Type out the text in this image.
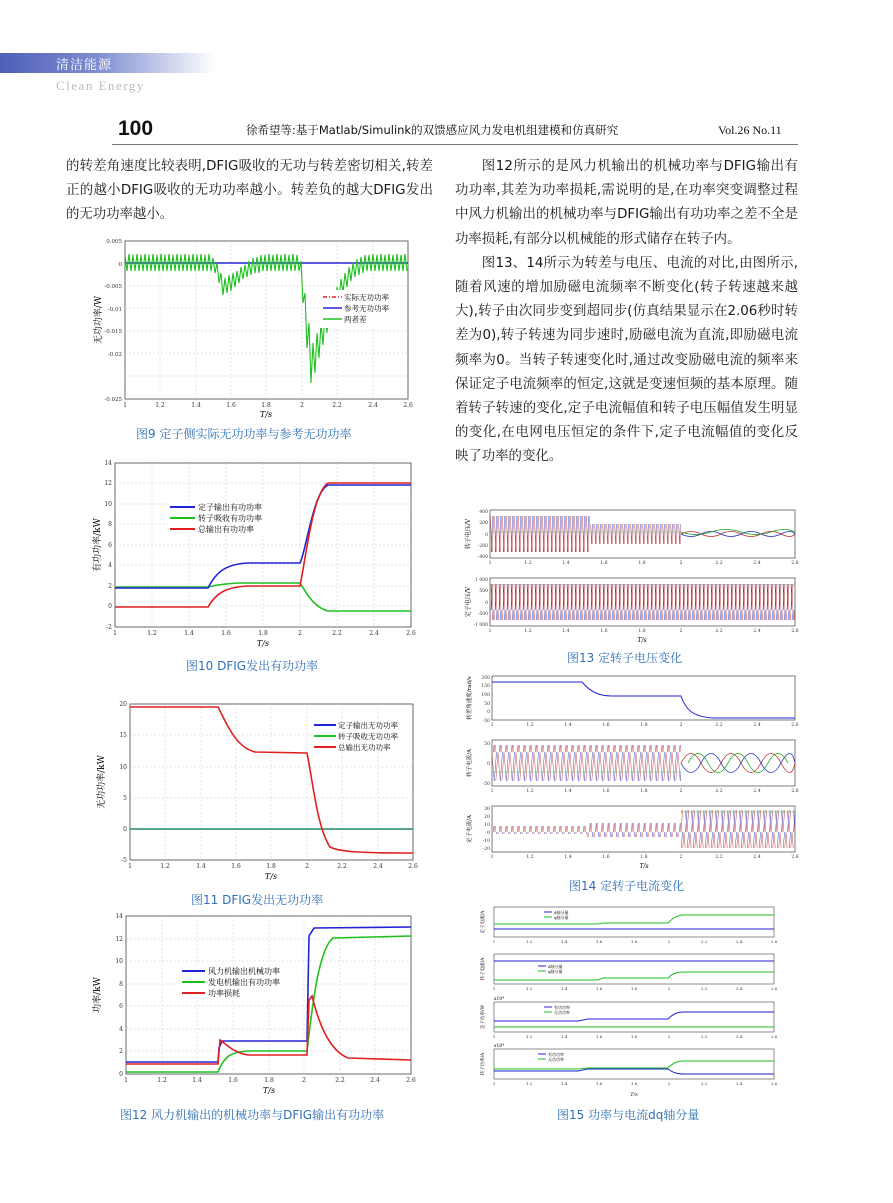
清洁能源
Clean Energy
100	徐希望等:基于Matlab/Simulink的双馈感应风力发电机组建模和仿真研究	Vol.26 No.11

的转差角速度比较表明,DFIG吸收的无功与转差密切相关,转差正的越小DFIG吸收的无功功率越小。转差负的越大DFIG发出的无功功率越小。

图12所示的是风力机输出的机械功率与DFIG输出有功功率,其差为功率损耗,需说明的是,在功率突变调整过程中风力机输出的机械功率与DFIG输出有功功率之差不全是功率损耗,有部分以机械能的形式储存在转子内。

图13、14所示为转差与电压、电流的对比,由图所示,随着风速的增加励磁电流频率不断变化(转子转速越来越大),转子由次同步变到超同步(仿真结果显示在2.06秒时转差为0),转子转速为同步速时,励磁电流为直流,即励磁电流频率为0。当转子转速变化时,通过改变励磁电流的频率来保证定子电流频率的恒定,这就是变速恒频的基本原理。随着转子转速的变化,定子电流幅值和转子电压幅值发生明显的变化,在电网电压恒定的条件下,定子电流幅值的变化反映了功率的变化。

0.005
0
-0.005
-0.01
-0.015
-0.02
-0.025
1	1.2	1.4	1.6	1.8	2	2.2	2.4	2.6
T/s
无功功率/W	实际无功功率
参考无功功率
两者差
图9 定子侧实际无功功率与参考无功功率
14
12
10
8
6
4
2
0
-2
1	1.2	1.4	1.6	1.8	2	2.2	2.4	2.6
T/s
有功功率/kW
定子输出有功功率
转子吸收有功功率
总输出有功功率
图10 DFIG发出有功功率
20
15
10
5
0
-5
1	1.2	1.4	1.6	1.8	2	2.2	2.4	2.6
T/s
无功功率/kW
定子输出无功功率
转子吸收无功功率
总输出无功功率
图11 DFIG发出无功功率
14
12
10
8
6
4
2
0
1	1.2	1.4	1.6	1.8	2	2.2	2.4	2.6
T/s
功率/kW
风力机输出机械功率
发电机输出有功功率
功率损耗
图12 风力机输出的机械功率与DFIG输出有功功率
400
200
0
-200
-400
转子电压/V
1	1.2	1.4	1.6	1.8	2	2.2	2.4	2.6
1 000
500
0
-500
-1 000
定子电压/V
1	1.2	1.4	1.6	1.8	2	2.2	2.4	2.6
T/s
图13 定转子电压变化
200
150
100
50
0
-50
转差角速度/rad/s
1	1.2	1.4	1.6	1.8	2	2.2	2.4	2.6
50
0
-50
转子电流/A
1	1.2	1.4	1.6	1.8	2	2.2	2.4	2.6
30
20
10
0
-10
-20
定子电流/A
1	1.2	1.4	1.6	1.8	2	2.2	2.4	2.6
T/s
图14 定转子电流变化
定子电流/A	d轴分量
q轴分量
1	1.2	1.4	1.6	1.8	2	2.2	2.4	2.6
转子电流/A	d轴分量
q轴分量
1	1.2	1.4	1.6	1.8	2	2.2	2.4	2.6
x10⁴
定子功率/W	有功功率
无功功率
1	1.2	1.4	1.6	1.8	2	2.2	2.4	2.6
x10⁴
转子功率/A	有功功率
无功功率
1	1.2	1.4	1.6	1.8	2	2.2	2.4	2.6
T/s
图15 功率与电流dq轴分量
